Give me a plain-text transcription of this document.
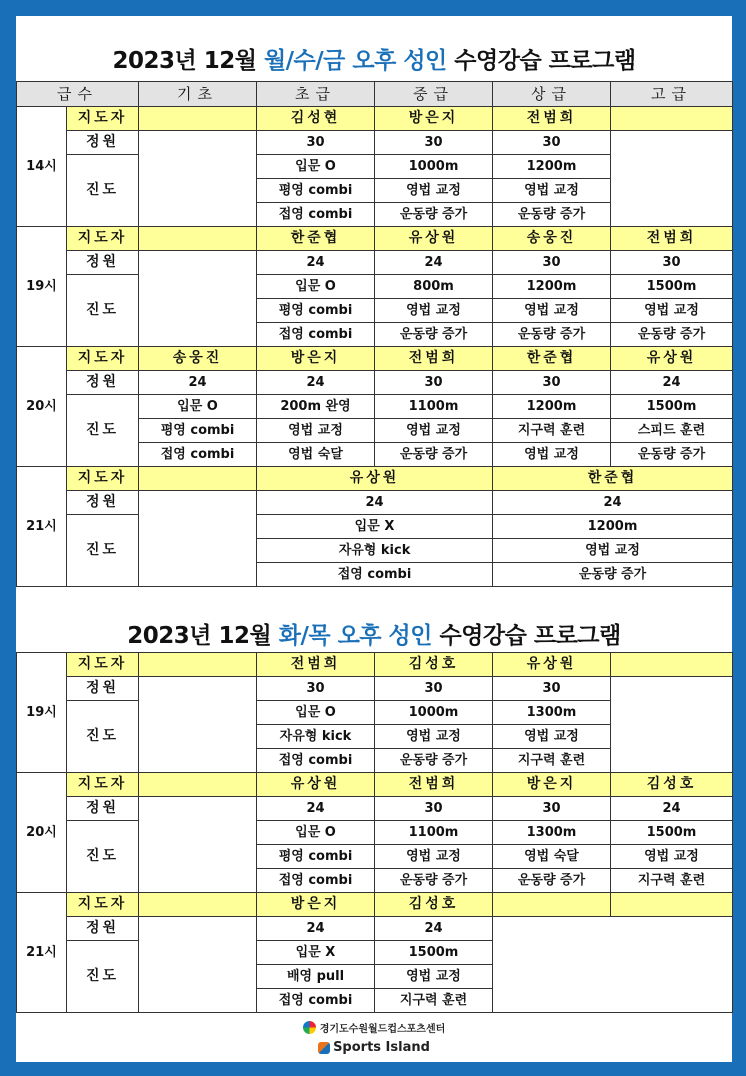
2023년 12월 월/수/금 오후 성인 수영강습 프로그램
급수		기초	초급	중급	상급	고급
14시	지도자		김성현	방은지	전범희	
	정원		30	30	30	
	진도		입문 O	1000m	1200m	
			평영 combi	영법 교정	영법 교정	
			접영 combi	운동량 증가	운동량 증가	
19시	지도자		한준협	유상원	송웅진	전범희
	정원		24	24	30	30
	진도		입문 O	800m	1200m	1500m
			평영 combi	영법 교정	영법 교정	영법 교정
			접영 combi	운동량 증가	운동량 증가	운동량 증가
20시	지도자	송웅진	방은지	전범희	한준협	유상원
	정원	24	24	30	30	24
	진도	입문 O	200m 완영	1100m	1200m	1500m
		평영 combi	영법 교정	영법 교정	지구력 훈련	스피드 훈련
		접영 combi	영법 숙달	운동량 증가	영법 교정	운동량 증가
21시	지도자		유상원		한준협	
	정원		24		24	
	진도		입문 X		1200m	
			자유형 kick		영법 교정	
			접영 combi		운동량 증가	
2023년 12월 화/목 오후 성인 수영강습 프로그램
19시	지도자		전범희	김성호	유상원	
	정원		30	30	30	
	진도		입문 O	1000m	1300m	
			자유형 kick	영법 교정	영법 교정	
			접영 combi	운동량 증가	지구력 훈련	
20시	지도자		유상원	전범희	방은지	김성호
	정원		24	30	30	24
	진도		입문 O	1100m	1300m	1500m
			평영 combi	영법 교정	영법 숙달	영법 교정
			접영 combi	운동량 증가	운동량 증가	지구력 훈련
21시	지도자		방은지	김성호		
	정원		24	24		
	진도		입문 X	1500m		
			배영 pull	영법 교정		
			접영 combi	지구력 훈련		
경기도수원월드컵스포츠센터

Sports Island
